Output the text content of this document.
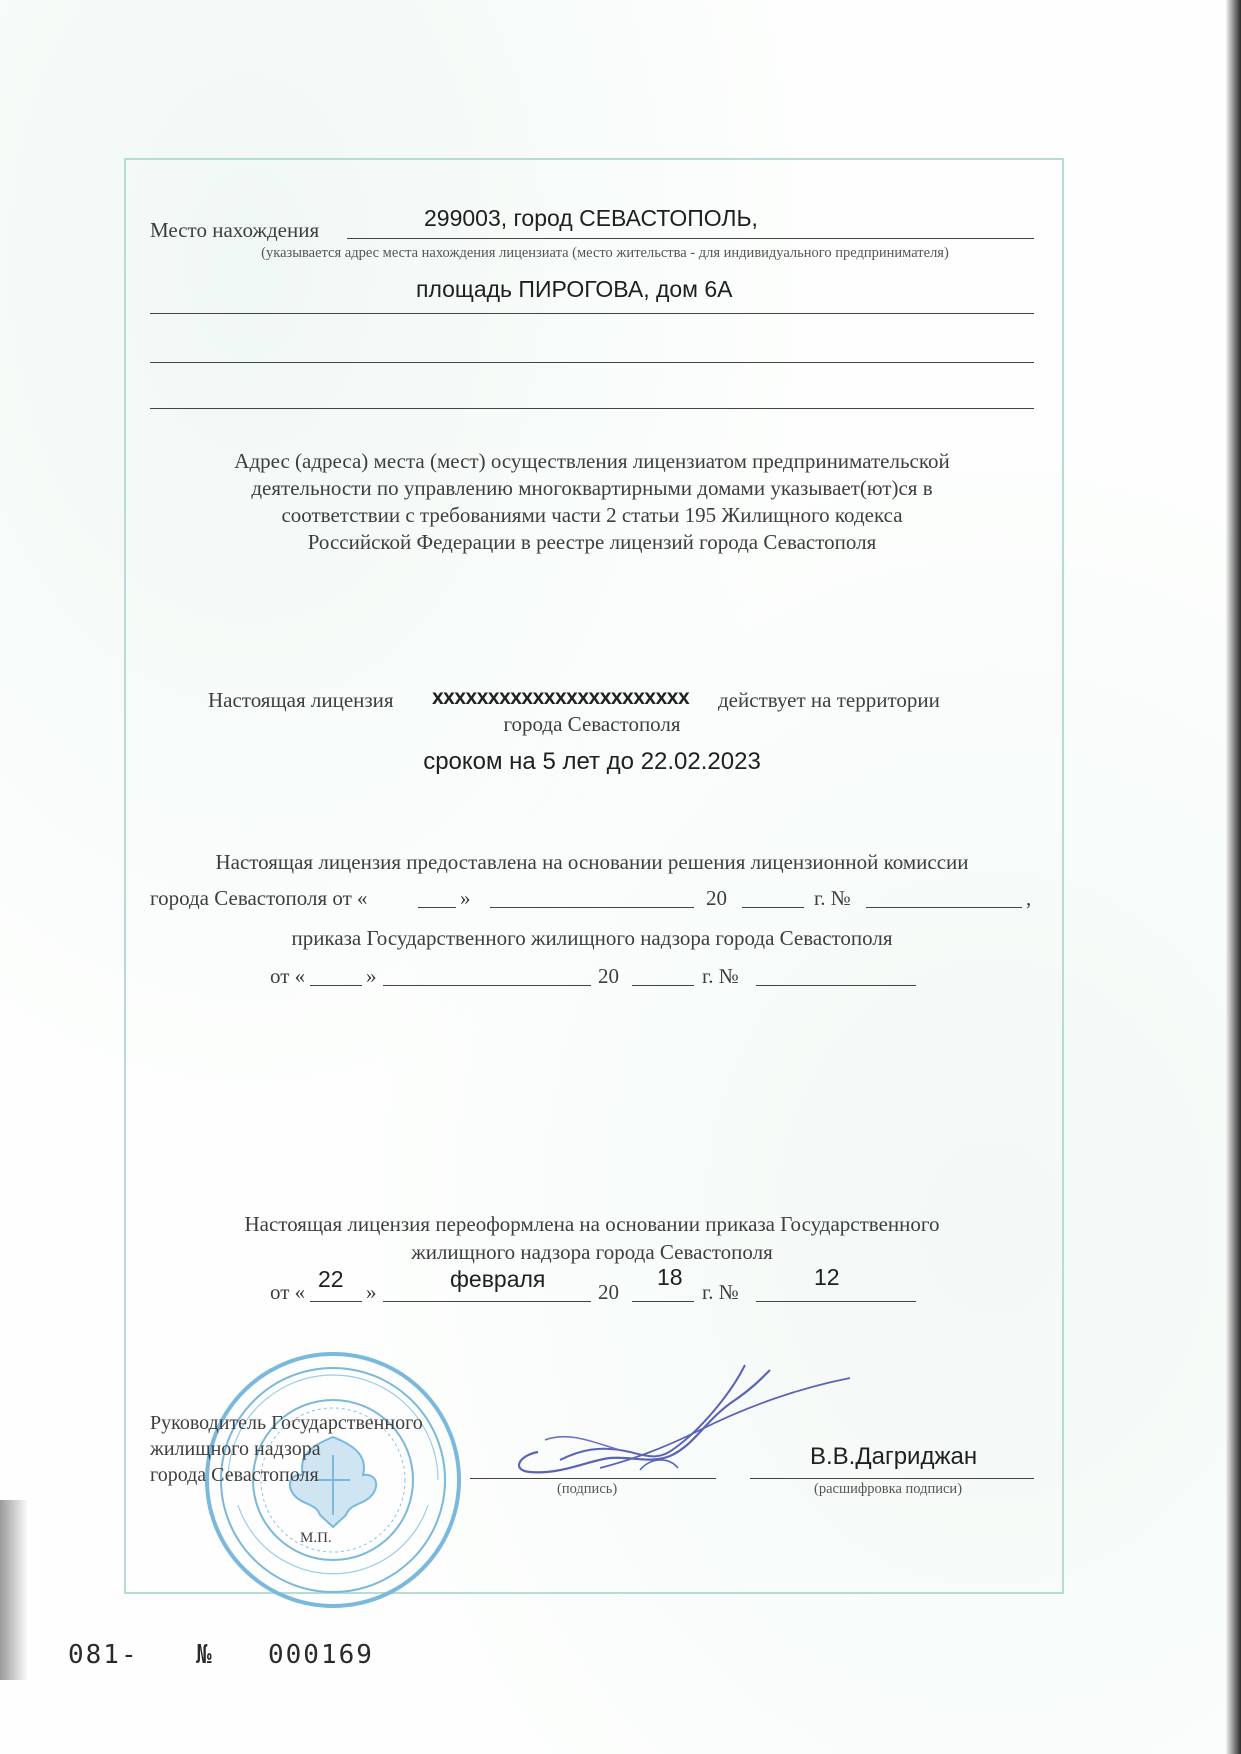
Место нахождения	299003, город СЕВАСТОПОЛЬ,
(указывается адрес места нахождения лицензиата (место жительства - для индивидуального предпринимателя)
площадь ПИРОГОВА, дом 6А
Адрес (адреса) места (мест) осуществления лицензиатом предпринимательской
деятельности по управлению многоквартирными домами указывает(ют)ся в
соответствии с требованиями части 2 статьи 195 Жилищного кодекса
Российской Федерации в реестре лицензий города Севастополя
Настоящая лицензия xxxxxxxxxxxxxxxxxxxxxxx действует на территории
города Севастополя
сроком на 5 лет до 22.02.2023
Настоящая лицензия предоставлена на основании решения лицензионной комиссии
города Севастополя от «	»	20	г. №	,
приказа Государственного жилищного надзора города Севастополя
от «	»	20	г. №
Настоящая лицензия переоформлена на основании приказа Государственного
жилищного надзора города Севастополя
от « 22 »	февраля	20
18
г. №
12
Руководитель Государственного
жилищного надзора
города Севастополя
(подпись)
В.В.Дагриджан
(расшифровка подписи)
М.П.
081- № 000169
